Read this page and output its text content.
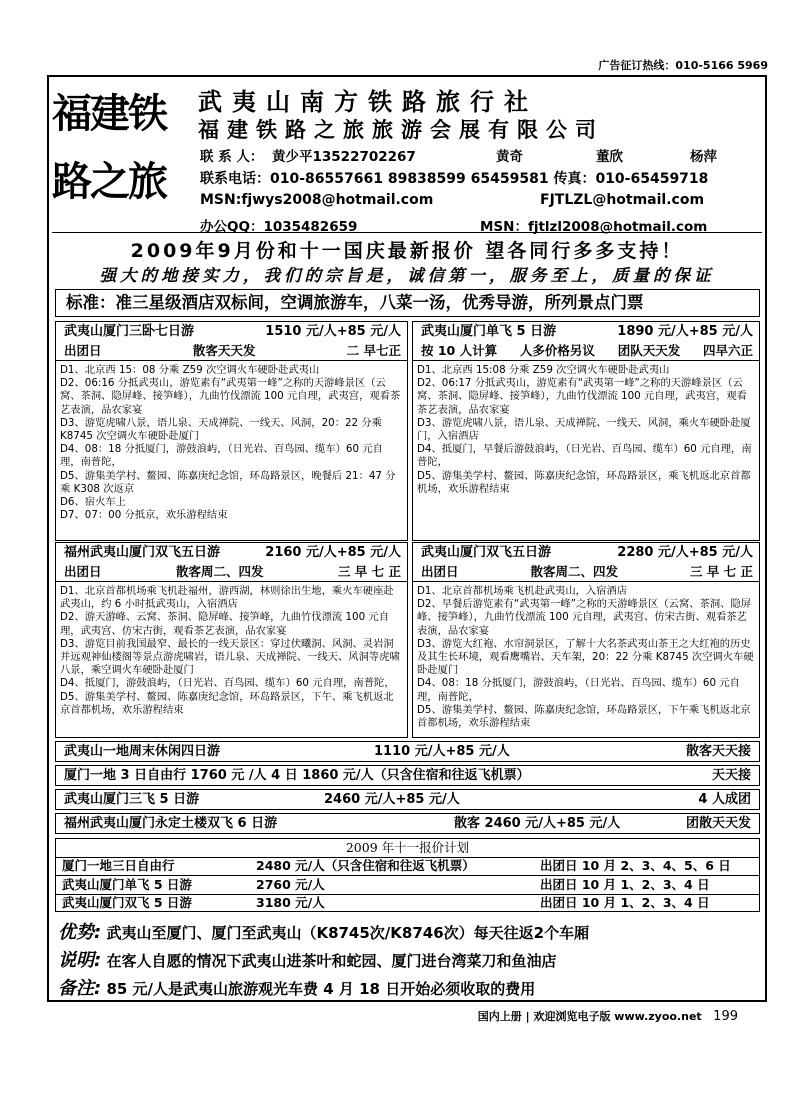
广告征订热线：010-5166 5969
福建铁
路之旅
武夷山南方铁路旅行社
福建铁路之旅旅游会展有限公司
联 系 人： 黄少平13522702267	黄奇	董欣	杨萍
联系电话：010-86557661 89838599 65459581 传真：010-65459718
MSN:fjwys2008@hotmail.com	FJTLZL@hotmail.com
办公QQ：1035482659	MSN：fjtlzl2008@hotmail.com
2009年9月份和十一国庆最新报价 望各同行多多支持！
强大的地接实力，我们的宗旨是，诚信第一，服务至上，质量的保证
标准：准三星级酒店双标间，空调旅游车，八菜一汤，优秀导游，所列景点门票
武夷山厦门三卧七日游	1510 元/人+85 元/人
出团日	散客天天发	二 早七正
D1、北京西 15：08 分乘 Z59 次空调火车硬卧赴武夷山
D2、06:16 分抵武夷山，游览素有“武夷第一峰”之称的天游峰景区（云窝、茶洞、隐屏峰、接笋峰），九曲竹伐漂流 100 元自理，武夷宫，观看茶艺表演，品农家宴
D3、游览虎啸八景，语儿泉、天成禅院、一线天、风洞，20：22 分乘 K8745 次空调火车硬卧赴厦门
D4、08：18 分抵厦门，游鼓浪屿，（日光岩、百鸟园、缆车）60 元自理，南普陀，
D5、游集美学村、鳌园、陈嘉庚纪念馆，环岛路景区，晚餐后 21：47 分乘 K308 次返京
D6、宿火车上
D7、07：00 分抵京，欢乐游程结束
武夷山厦门单飞 5 日游	1890 元/人+85 元/人
按 10 人计算 人多价格另议 团队天天发 四早六正
D1、北京西 15:08 分乘 Z59 次空调火车硬卧赴武夷山
D2、06:17 分抵武夷山，游览素有“武夷第一峰”之称的天游峰景区（云窝、茶洞、隐屏峰、接笋峰），九曲竹伐漂流 100 元自理，武夷宫，观看茶艺表演，品农家宴
D3、游览虎啸八景，语儿泉、天成禅院、一线天、风洞，乘火车硬卧赴厦门，入宿酒店
D4、抵厦门，早餐后游鼓浪屿，（日光岩、百鸟园、缆车）60 元自理，南普陀，
D5、游集美学村、鳌园、陈嘉庚纪念馆，环岛路景区，乘飞机返北京首都机场，欢乐游程结束
福州武夷山厦门双飞五日游	2160 元/人+85 元/人
出团日	散客周二、四发	三 早 七 正
D1、北京首都机场乘飞机赴福州，游西湖，林则徐出生地，乘火车硬座赴武夷山，约 6 小时抵武夷山，入宿酒店
D2、游天游峰、云窝、茶洞、隐屏峰、接笋峰，九曲竹伐漂流 100 元自理，武夷宫、仿宋古街，观看茶艺表演，品农家宴
D3、游览目前我国最窄、最长的一线天景区：穿过伏曦洞、风洞、灵岩洞并远观神仙楼阁等景点游虎啸岩，语儿泉、天成禅院、一线天、风洞等虎啸八景，乘空调火车硬卧赴厦门
D4、抵厦门，游鼓浪屿，（日光岩、百鸟园、缆车）60 元自理，南普陀，
D5、游集美学村、鳌园、陈嘉庚纪念馆，环岛路景区，下午、乘飞机返北京首都机场，欢乐游程结束
武夷山厦门双飞五日游	2280 元/人+85 元/人
出团日	散客周二、四发	三 早 七 正
D1、北京首都机场乘飞机赴武夷山，入宿酒店
D2、早餐后游览素有“武夷第一峰”之称的天游峰景区（云窝、茶洞、隐屏峰、接笋峰），九曲竹伐漂流 100 元自理，武夷宫、仿宋古街、观看茶艺表演，品农家宴
D3、游览大红袍、水帘洞景区，了解十大名茶武夷山茶王之大红袍的历史及其生长环境，观看鹰嘴岩、天车架，20：22 分乘 K8745 次空调火车硬卧赴厦门
D4、08：18 分抵厦门，游鼓浪屿，（日光岩、百鸟园、缆车）60 元自理，南普陀，
D5、游集美学村、鳌园、陈嘉庚纪念馆，环岛路景区，下午乘飞机返北京首都机场，欢乐游程结束
武夷山一地周末休闲四日游	1110 元/人+85 元/人	散客天天接
厦门一地 3 日自由行 1760 元 /人 4 日 1860 元/人（只含住宿和往返飞机票）	天天接
武夷山厦门三飞 5 日游	2460 元/人+85 元/人	4 人成团
福州武夷山厦门永定土楼双飞 6 日游	散客 2460 元/人+85 元/人	团散天天发
2009 年十一报价计划
厦门一地三日自由行	2480 元/人（只含住宿和往返飞机票）	出团日 10 月 2、3、4、5、6 日
武夷山厦门单飞 5 日游	2760 元/人	出团日 10 月 1、2、3、4 日
武夷山厦门双飞 5 日游	3180 元/人	出团日 10 月 1、2、3、4 日
优势: 武夷山至厦门、厦门至武夷山（K8745次/K8746次）每天往返2个车厢
说明: 在客人自愿的情况下武夷山进茶叶和蛇园、厦门进台湾菜刀和鱼油店
备注: 85 元/人是武夷山旅游观光车费 4 月 18 日开始必须收取的费用
国内上册 | 欢迎浏览电子版 www.zyoo.net 199
